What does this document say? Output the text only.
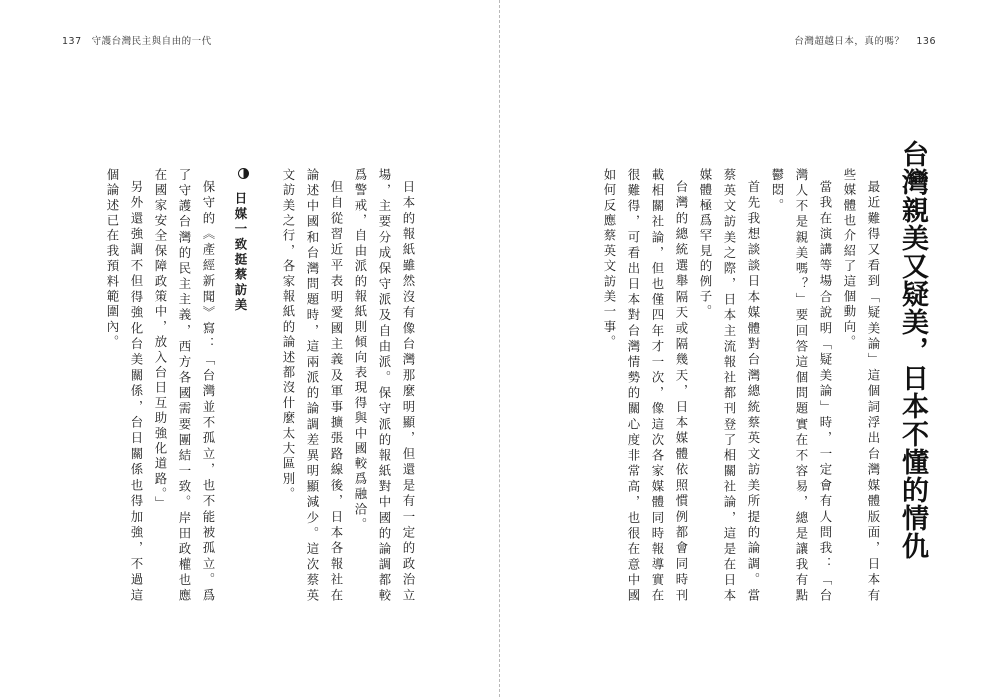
137 守護台灣民主與自由的一代

日本的報紙雖然沒有像台灣那麼明顯，但還是有一定的政治立場，主要分成保守派及自由派。保守派的報紙對中國的論調都較爲警戒，自由派的報紙則傾向表現得與中國較爲融洽。

但自從習近平表明愛國主義及軍事擴張路線後，日本各報社在論述中國和台灣問題時，這兩派的論調差異明顯減少。這次蔡英文訪美之行，各家報紙的論述都沒什麼太大區別。

日媒一致挺蔡訪美

保守的《產經新聞》寫：「台灣並不孤立，也不能被孤立。爲了守護台灣的民主主義，西方各國需要團結一致。岸田政權也應在國家安全保障政策中，放入台日互助強化道路。」

另外還強調不但得強化台美關係，台日關係也得加強，不過這個論述已在我預料範圍內。

台灣超越日本，真的嗎？ 136
台灣親美又疑美，日本不懂的情仇

最近難得又看到「疑美論」這個詞浮出台灣媒體版面，日本有些媒體也介紹了這個動向。

當我在演講等場合說明「疑美論」時，一定會有人問我：「台灣人不是親美嗎？」要回答這個問題實在不容易，總是讓我有點鬱悶。

首先我想談談日本媒體對台灣總統蔡英文訪美所提的論調。當蔡英文訪美之際，日本主流報社都刊登了相關社論，這是在日本媒體極爲罕見的例子。

台灣的總統選舉隔天或隔幾天，日本媒體依照慣例都會同時刊載相關社論，但也僅四年才一次，像這次各家媒體同時報導實在很難得，可看出日本對台灣情勢的關心度非常高，也很在意中國如何反應蔡英文訪美一事。
